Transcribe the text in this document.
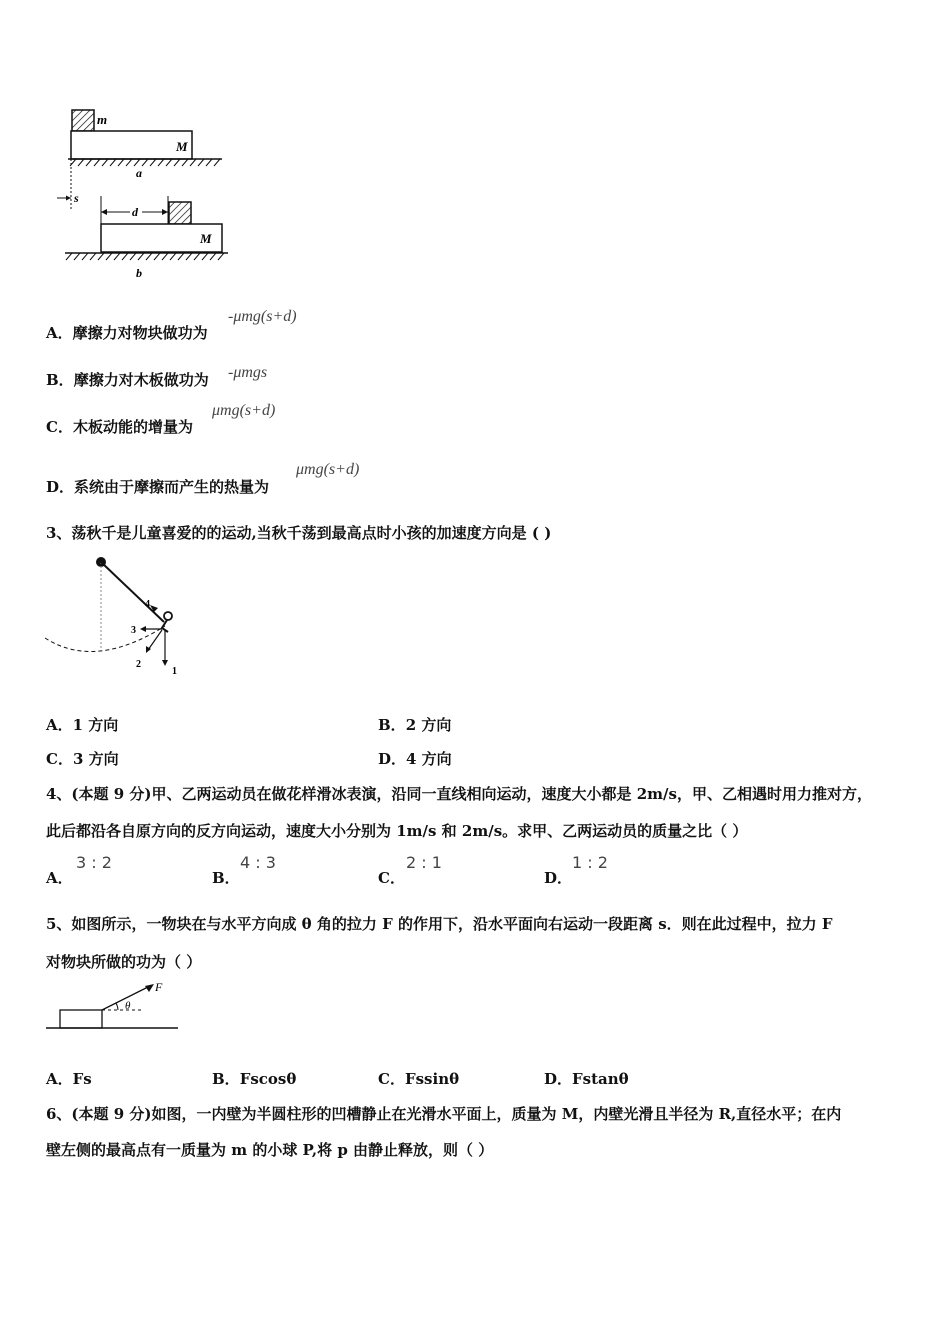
m
M
a
s
d
M
b
A．摩擦力对物块做功为
-μmg(s+d)
B．摩擦力对木板做功为 -μmgs
C．木板动能的增量为
μmg(s+d)
D．系统由于摩擦而产生的热量为
μmg(s+d)
3、荡秋千是儿童喜爱的的运动,当秋千荡到最高点时小孩的加速度方向是 ( )
4
3
2
1
A．1 方向	B．2 方向
C．3 方向	D．4 方向
4、(本题 9 分)甲、乙两运动员在做花样滑冰表演，沿同一直线相向运动，速度大小都是 2m/s，甲、乙相遇时用力推对方，
此后都沿各自原方向的反方向运动，速度大小分别为 1m/s 和 2m/s。求甲、乙两运动员的质量之比（ ）
A．
3 : 2
B．
4 : 3
C．
2 : 1
D．
1 : 2
5、如图所示，一物块在与水平方向成 θ 角的拉力 F 的作用下，沿水平面向右运动一段距离 s．则在此过程中，拉力 F
对物块所做的功为（ ）
F
θ
A．Fs	B．Fscosθ	C．Fssinθ	D．Fstanθ
6、(本题 9 分)如图，一内壁为半圆柱形的凹槽静止在光滑水平面上，质量为 M，内壁光滑且半径为 R,直径水平；在内
壁左侧的最高点有一质量为 m 的小球 P,将 p 由静止释放，则（ ）
